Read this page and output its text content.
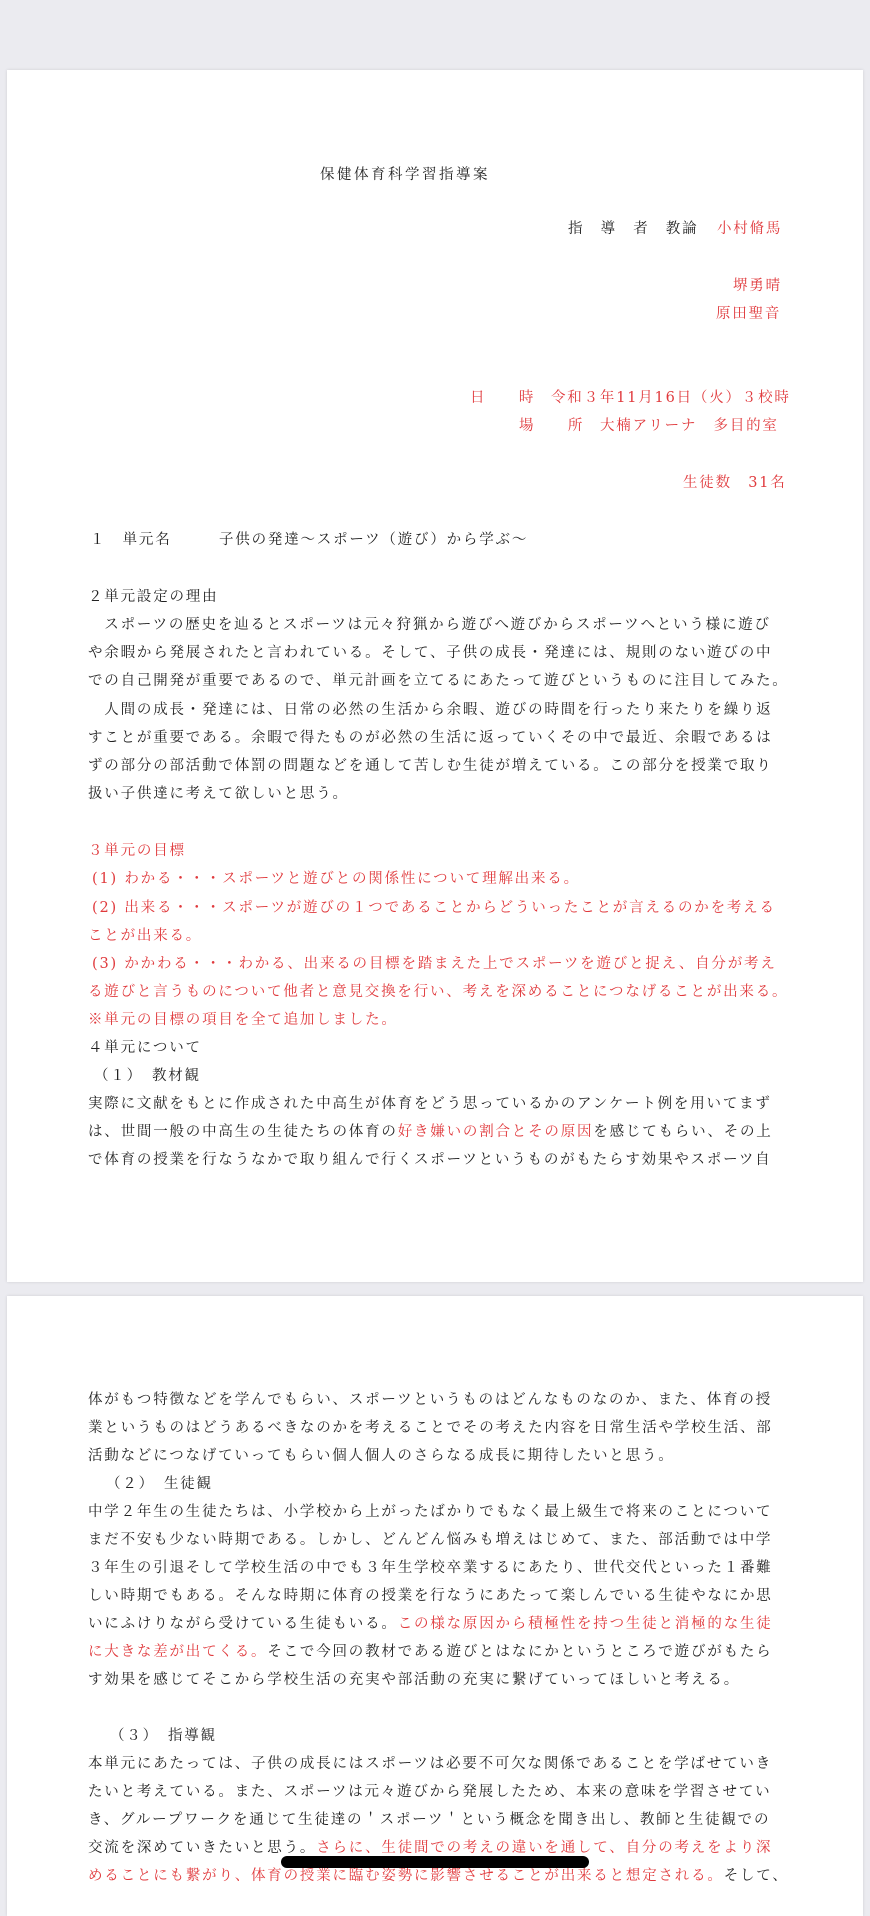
保健体育科学習指導案
指　導　者　教論 小村脩馬
堺勇晴
原田聖音
日　　時 令和３年11月16日（火）３校時
場　　所 大楠アリーナ　多目的室
生徒数　31名
１　単元名	子供の発達〜スポーツ（遊び）から学ぶ〜
２単元設定の理由
　スポーツの歴史を辿るとスポーツは元々狩猟から遊びへ遊びからスポーツへという様に遊び
や余暇から発展されたと言われている。そして、子供の成長・発達には、規則のない遊びの中
での自己開発が重要であるので、単元計画を立てるにあたって遊びというものに注目してみた。
　人間の成長・発達には、日常の必然の生活から余暇、遊びの時間を行ったり来たりを繰り返
すことが重要である。余暇で得たものが必然の生活に返っていくその中で最近、余暇であるは
ずの部分の部活動で体罰の問題などを通して苦しむ生徒が増えている。この部分を授業で取り
扱い子供達に考えて欲しいと思う。
３単元の目標
(1) わかる・・・スポーツと遊びとの関係性について理解出来る。
(2) 出来る・・・スポーツが遊びの１つであることからどういったことが言えるのかを考える
ことが出来る。
(3) かかわる・・・わかる、出来るの目標を踏まえた上でスポーツを遊びと捉え、自分が考え
る遊びと言うものについて他者と意見交換を行い、考えを深めることにつなげることが出来る。
※単元の目標の項目を全て追加しました。
４単元について
（１）　教材観
実際に文献をもとに作成された中高生が体育をどう思っているかのアンケート例を用いてまず
は、世間一般の中高生の生徒たちの体育の好き嫌いの割合とその原因を感じてもらい、その上
で体育の授業を行なうなかで取り組んで行くスポーツというものがもたらす効果やスポーツ自
体がもつ特徴などを学んでもらい、スポーツというものはどんなものなのか、また、体育の授
業というものはどうあるべきなのかを考えることでその考えた内容を日常生活や学校生活、部
活動などにつなげていってもらい個人個人のさらなる成長に期待したいと思う。
（２）　生徒観
中学２年生の生徒たちは、小学校から上がったばかりでもなく最上級生で将来のことについて
まだ不安も少ない時期である。しかし、どんどん悩みも増えはじめて、また、部活動では中学
３年生の引退そして学校生活の中でも３年生学校卒業するにあたり、世代交代といった１番難
しい時期でもある。そんな時期に体育の授業を行なうにあたって楽しんでいる生徒やなにか思
いにふけりながら受けている生徒もいる。この様な原因から積極性を持つ生徒と消極的な生徒
に大きな差が出てくる。そこで今回の教材である遊びとはなにかというところで遊びがもたら
す効果を感じてそこから学校生活の充実や部活動の充実に繋げていってほしいと考える。
（３）　指導観
本単元にあたっては、子供の成長にはスポーツは必要不可欠な関係であることを学ばせていき
たいと考えている。また、スポーツは元々遊びから発展したため、本来の意味を学習させてい
き、グループワークを通じて生徒達の＇スポーツ＇という概念を聞き出し、教師と生徒観での
交流を深めていきたいと思う。さらに、生徒間での考えの違いを通して、自分の考えをより深
めることにも繋がり、体育の授業に臨む姿勢に影響させることが出来ると想定される。そして、
